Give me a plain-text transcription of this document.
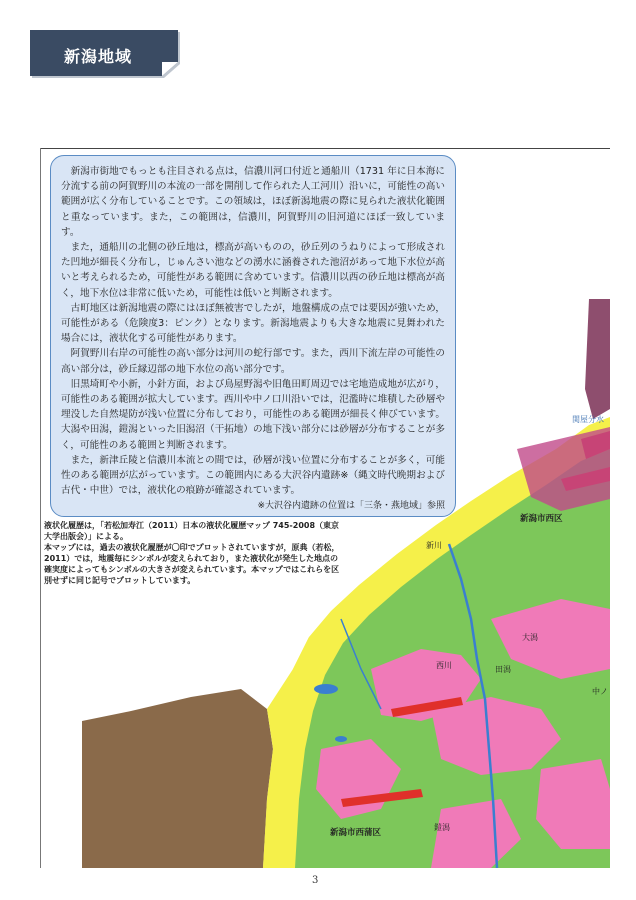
新潟地域

新潟市街地でもっとも注目される点は，信濃川河口付近と通船川（1731 年に日本海に分流する前の阿賀野川の本流の一部を開削して作られた人工河川）沿いに，可能性の高い範囲が広く分布していることです。この領域は，ほぼ新潟地震の際に見られた液状化範囲と重なっています。また，この範囲は，信濃川，阿賀野川の旧河道にほぼ一致しています。

また，通船川の北側の砂丘地は，標高が高いものの，砂丘列のうねりによって形成された凹地が細長く分布し，じゅんさい池などの湧水に涵養された池沼があって地下水位が高いと考えられるため，可能性がある範囲に含めています。信濃川以西の砂丘地は標高が高く，地下水位は非常に低いため，可能性は低いと判断されます。

古町地区は新潟地震の際にはほぼ無被害でしたが，地盤構成の点では要因が強いため，可能性がある（危険度3：ピンク）となります。新潟地震よりも大きな地震に見舞われた場合には，液状化する可能性があります。

阿賀野川右岸の可能性の高い部分は河川の蛇行部です。また，西川下流左岸の可能性の高い部分は，砂丘縁辺部の地下水位の高い部分です。

旧黒埼町や小新，小針方面，および鳥屋野潟や旧亀田町周辺では宅地造成地が広がり，可能性のある範囲が拡大しています。西川や中ノ口川沿いでは，氾濫時に堆積した砂層や埋没した自然堤防が浅い位置に分布しており，可能性のある範囲が細長く伸びています。大潟や田潟，鎧潟といった旧潟沼（干拓地）の地下浅い部分には砂層が分布することが多く，可能性のある範囲と判断されます。

また，新津丘陵と信濃川本流との間では，砂層が浅い位置に分布することが多く，可能性のある範囲が広がっています。この範囲内にある大沢谷内遺跡※（縄文時代晩期および古代・中世）では，液状化の痕跡が確認されています。

※大沢谷内遺跡の位置は「三条・燕地域」参照

液状化履歴は，「若松加寿江（2011）日本の液状化履歴マップ 745-2008（東京
大学出版会）」による。
本マップには，過去の液状化履歴が〇印でプロットされていますが，原典（若松，
2011）では，地震毎にシンボルが変えられており，また液状化が発生した地点の
確実度によってもシンボルの大きさが変えられています。本マップではこれらを区
別せずに同じ記号でプロットしています。
関屋分水
新潟市西区
新川
大潟
西川	田潟
中ノ
鎧潟
新潟市西蒲区
3
